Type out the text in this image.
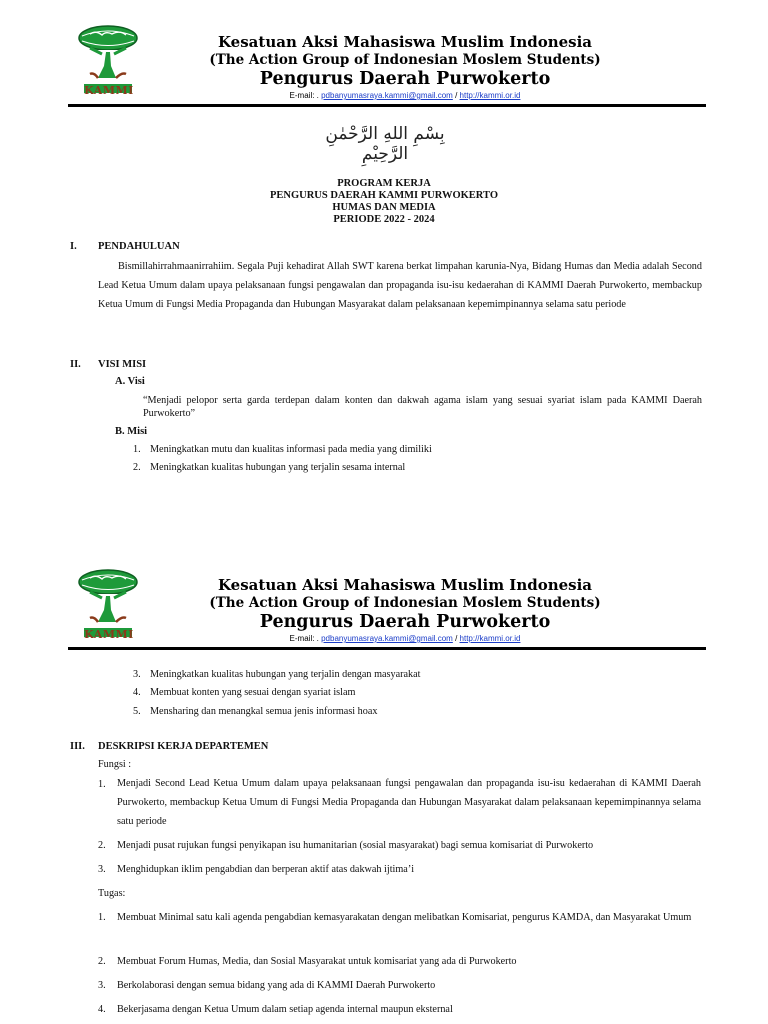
KAMMI
Kesatuan Aksi Mahasiswa Muslim Indonesia
(The Action Group of Indonesian Moslem Students)
Pengurus Daerah Purwokerto
E-mail: . pdbanyumasraya.kammi@gmail.com / http://kammi.or.id
بِسْمِ اللهِ الرَّحْمٰنِ الرَّحِيْمِ
PROGRAM KERJA
PENGURUS DAERAH KAMMI PURWOKERTO
HUMAS DAN MEDIA
PERIODE 2022 - 2024
I. PENDAHULUAN
Bismillahirrahmaanirrahiim. Segala Puji kehadirat Allah SWT karena berkat limpahan karunia-Nya, Bidang Humas dan Media adalah Second Lead Ketua Umum dalam upaya pelaksanaan fungsi pengawalan dan propaganda isu-isu kedaerahan di KAMMI Daerah Purwokerto, membackup Ketua Umum di Fungsi Media Propaganda dan Hubungan Masyarakat dalam pelaksanaan kepemimpinannya selama satu periode
II. VISI MISI
A. Visi
“Menjadi pelopor serta garda terdepan dalam konten dan dakwah agama islam yang sesuai syariat islam pada KAMMI Daerah Purwokerto”
B. Misi
1. Meningkatkan mutu dan kualitas informasi pada media yang dimiliki
2. Meningkatkan kualitas hubungan yang terjalin sesama internal
KAMMI
Kesatuan Aksi Mahasiswa Muslim Indonesia
(The Action Group of Indonesian Moslem Students)
Pengurus Daerah Purwokerto
E-mail: . pdbanyumasraya.kammi@gmail.com / http://kammi.or.id
3. Meningkatkan kualitas hubungan yang terjalin dengan masyarakat
4. Membuat konten yang sesuai dengan syariat islam
5. Mensharing dan menangkal semua jenis informasi hoax
III. DESKRIPSI KERJA DEPARTEMEN
Fungsi :
1. Menjadi Second Lead Ketua Umum dalam upaya pelaksanaan fungsi pengawalan dan propaganda isu-isu kedaerahan di KAMMI Daerah Purwokerto, membackup Ketua Umum di Fungsi Media Propaganda dan Hubungan Masyarakat dalam pelaksanaan kepemimpinannya selama satu periode
2. Menjadi pusat rujukan fungsi penyikapan isu humanitarian (sosial masyarakat) bagi semua komisariat di Purwokerto
3. Menghidupkan iklim pengabdian dan berperan aktif atas dakwah ijtima’i
Tugas:
1. Membuat Minimal satu kali agenda pengabdian kemasyarakatan dengan melibatkan Komisariat, pengurus KAMDA, dan Masyarakat Umum
2. Membuat Forum Humas, Media, dan Sosial Masyarakat untuk komisariat yang ada di Purwokerto
3. Berkolaborasi dengan semua bidang yang ada di KAMMI Daerah Purwokerto
4. Bekerjasama dengan Ketua Umum dalam setiap agenda internal maupun eksternal
